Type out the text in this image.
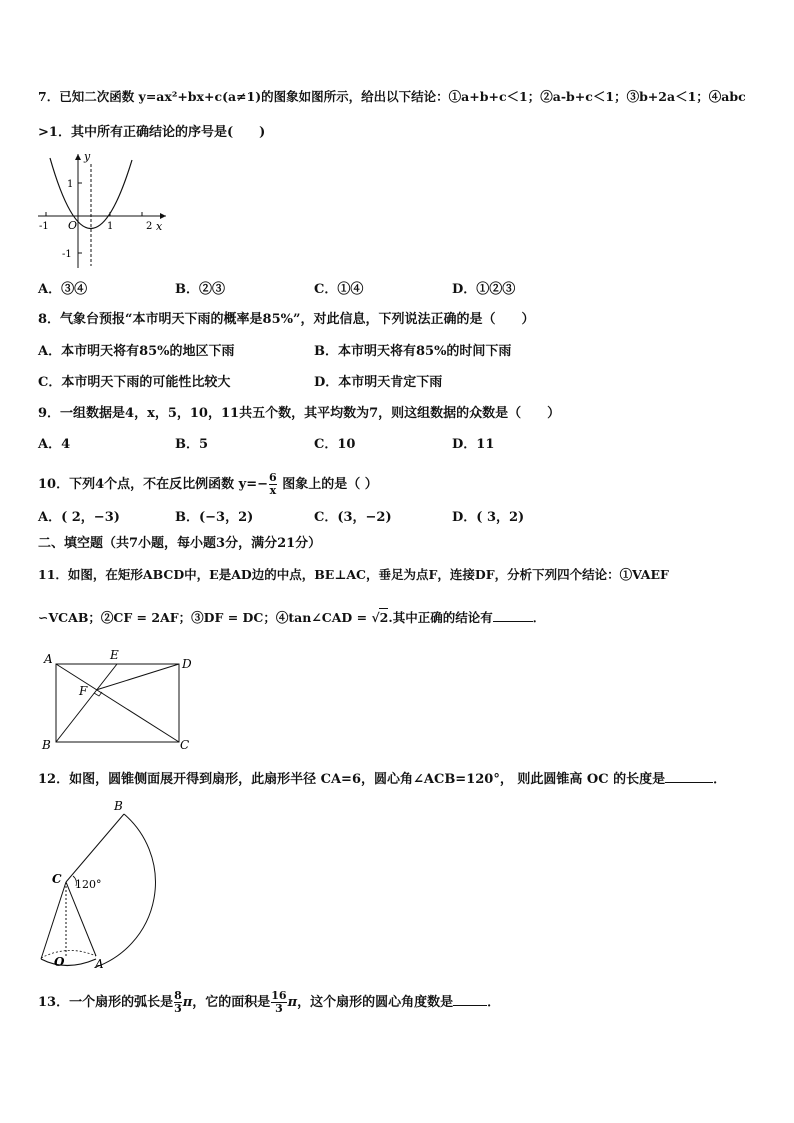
7．已知二次函数 y=ax²+bx+c(a≠1)的图象如图所示，给出以下结论：①a+b+c＜1；②a-b+c＜1；③b+2a＜1；④abc
>1．其中所有正确结论的序号是(　　)
y
x
1
-1
O	1
-1	2
A．③④	B．②③	C．①④	D．①②③
8．气象台预报“本市明天下雨的概率是85%”，对此信息，下列说法正确的是（　　）
A．本市明天将有85%的地区下雨	B．本市明天将有85%的时间下雨
C．本市明天下雨的可能性比较大	D．本市明天肯定下雨
9．一组数据是4，x，5，10，11共五个数，其平均数为7，则这组数据的众数是（　　）
A．4	B．5	C．10	D．11
10．下列4个点，不在反比例函数 $y=- \frac{6}{x}$ 图象上的是（ ）
A．( 2，−3)	B．(−3，2)	C．(3，−2)	D．( 3，2)
二、填空题（共7小题，每小题3分，满分21分）
11．如图，在矩形ABCD中，E是AD边的中点，BE⊥AC，垂足为点F，连接DF，分析下列四个结论：①VAEF
∽VCAB；②CF = 2AF；③DF = DC；④tan∠CAD = √2.其中正确的结论有	．
A	E
D
F
B	C
12．如图，圆锥侧面展开得到扇形，此扇形半径 CA=6，圆心角∠ACB=120°， 则此圆锥高 OC 的长度是	．
B
C 120°
O	A
13．一个扇形的弧长是 $\frac{8}{3}$ π，它的面积是 $\frac{16}{3}$ π，这个扇形的圆心角度数是	．
